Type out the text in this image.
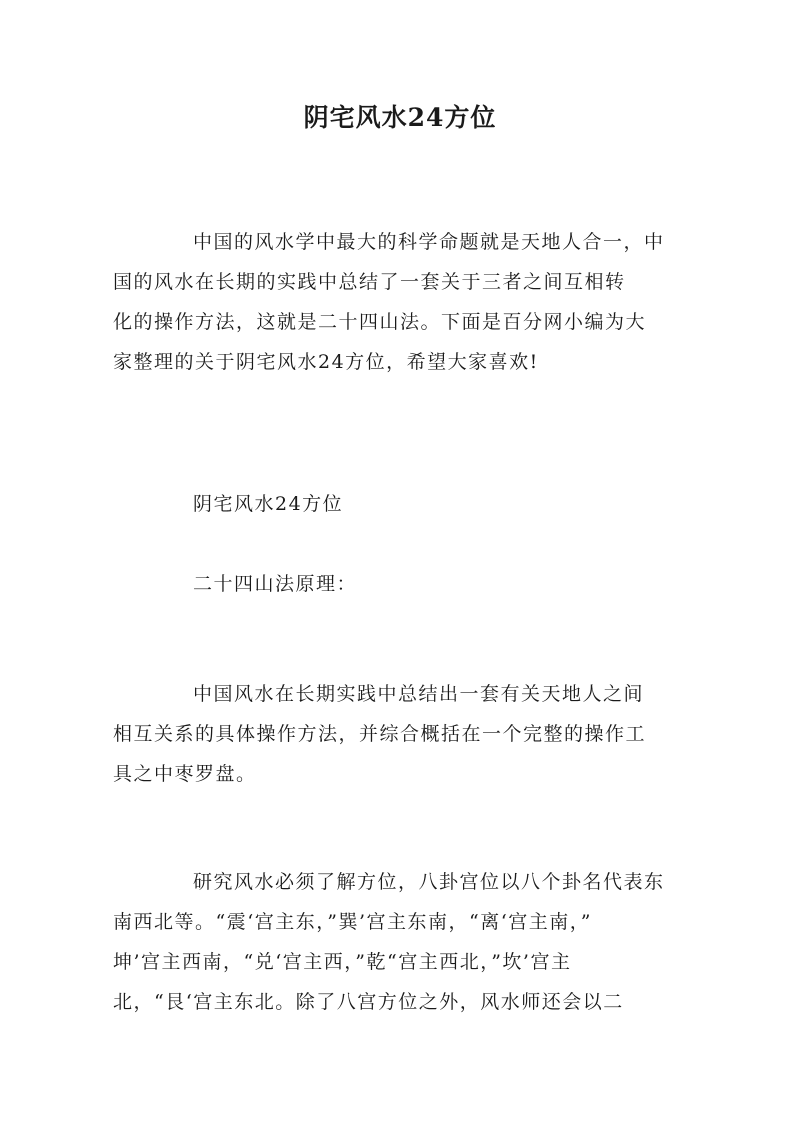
阴宅风水24方位

中国的风水学中最大的科学命题就是天地人合一，中
国的风水在长期的实践中总结了一套关于三者之间互相转
化的操作方法，这就是二十四山法。下面是百分网小编为大
家整理的关于阴宅风水24方位，希望大家喜欢!

阴宅风水24方位

二十四山法原理：

中国风水在长期实践中总结出一套有关天地人之间
相互关系的具体操作方法，并综合概括在一个完整的操作工
具之中枣罗盘。

研究风水必须了解方位，八卦宫位以八个卦名代表东
南西北等。“震‘宫主东，”巽’宫主东南，“离‘宫主南，”
坤’宫主西南，“兑‘宫主西，”乾“宫主西北，”坎’宫主
北，“艮‘宫主东北。除了八宫方位之外，风水师还会以二
